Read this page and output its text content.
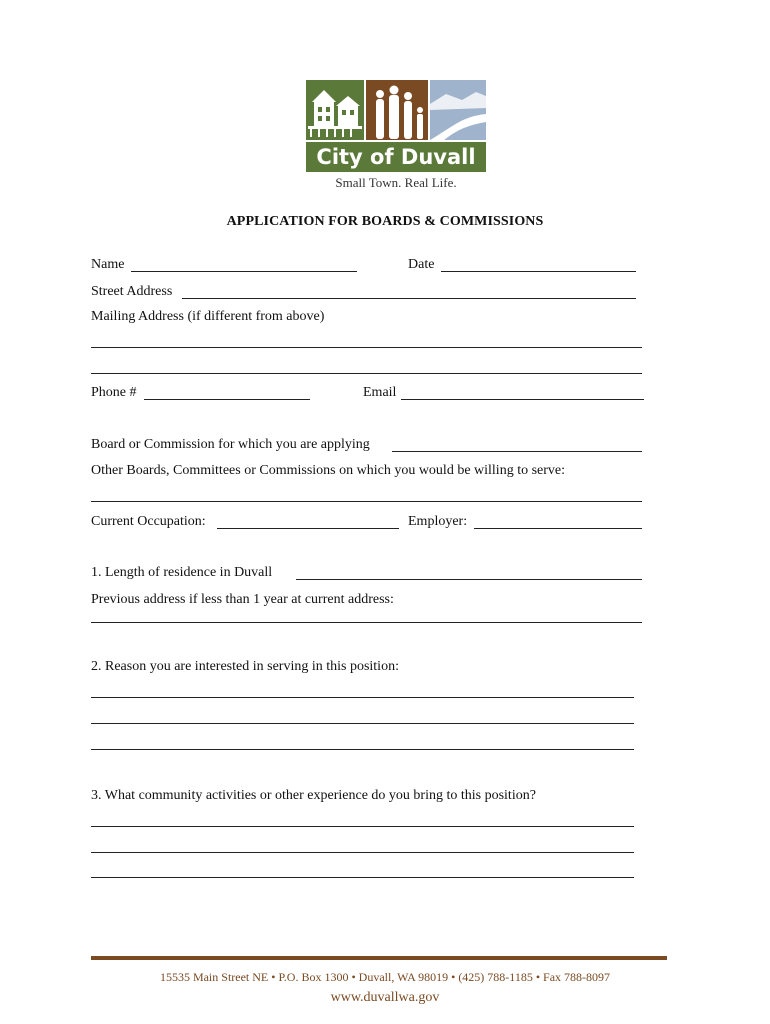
City of Duvall
Small Town. Real Life.
APPLICATION FOR BOARDS & COMMISSIONS
Name	Date
Street Address
Mailing Address (if different from above)
Phone #	Email
Board or Commission for which you are applying
Other Boards, Committees or Commissions on which you would be willing to serve:
Current Occupation:	Employer:
1. Length of residence in Duvall
Previous address if less than 1 year at current address:
2. Reason you are interested in serving in this position:
3. What community activities or other experience do you bring to this position?
15535 Main Street NE • P.O. Box 1300 • Duvall, WA 98019 • (425) 788-1185 • Fax 788-8097
www.duvallwa.gov
